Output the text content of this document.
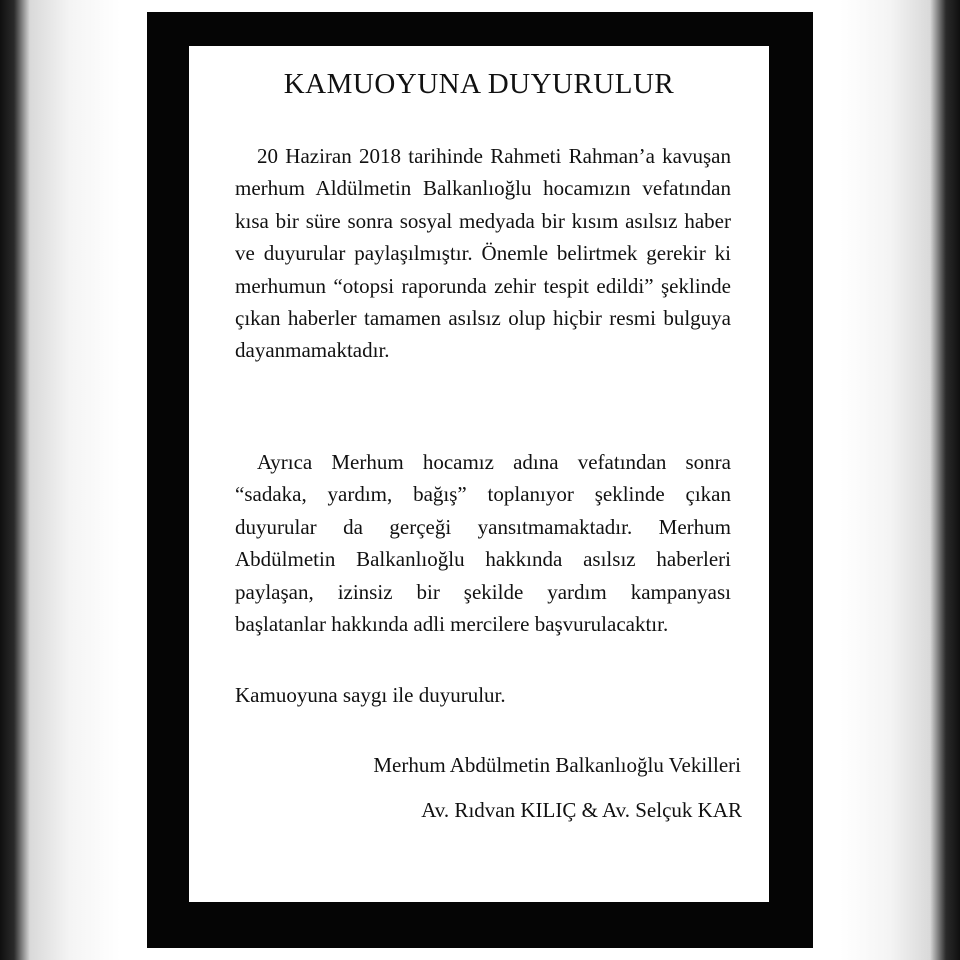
KAMUOYUNA DUYURULUR

20 Haziran 2018 tarihinde Rahmeti Rahman’a kavuşan merhum Aldülmetin Balkanlıoğlu hocamızın vefatından kısa bir süre sonra sosyal medyada bir kısım asılsız haber ve duyurular paylaşılmıştır. Önemle belirtmek gerekir ki merhumun “otopsi raporunda zehir tespit edildi” şeklinde çıkan haberler tamamen asılsız olup hiçbir resmi bulguya dayanmamaktadır.

Ayrıca Merhum hocamız adına vefatından sonra “sadaka, yardım, bağış” toplanıyor şeklinde çıkan duyurular da gerçeği yansıtmamaktadır. Merhum Abdülmetin Balkanlıoğlu hakkında asılsız haberleri paylaşan, izinsiz bir şekilde yardım kampanyası başlatanlar hakkında adli mercilere başvurulacaktır.

Kamuoyuna saygı ile duyurulur.

Merhum Abdülmetin Balkanlıoğlu Vekilleri
Av. Rıdvan KILIÇ & Av. Selçuk KAR
